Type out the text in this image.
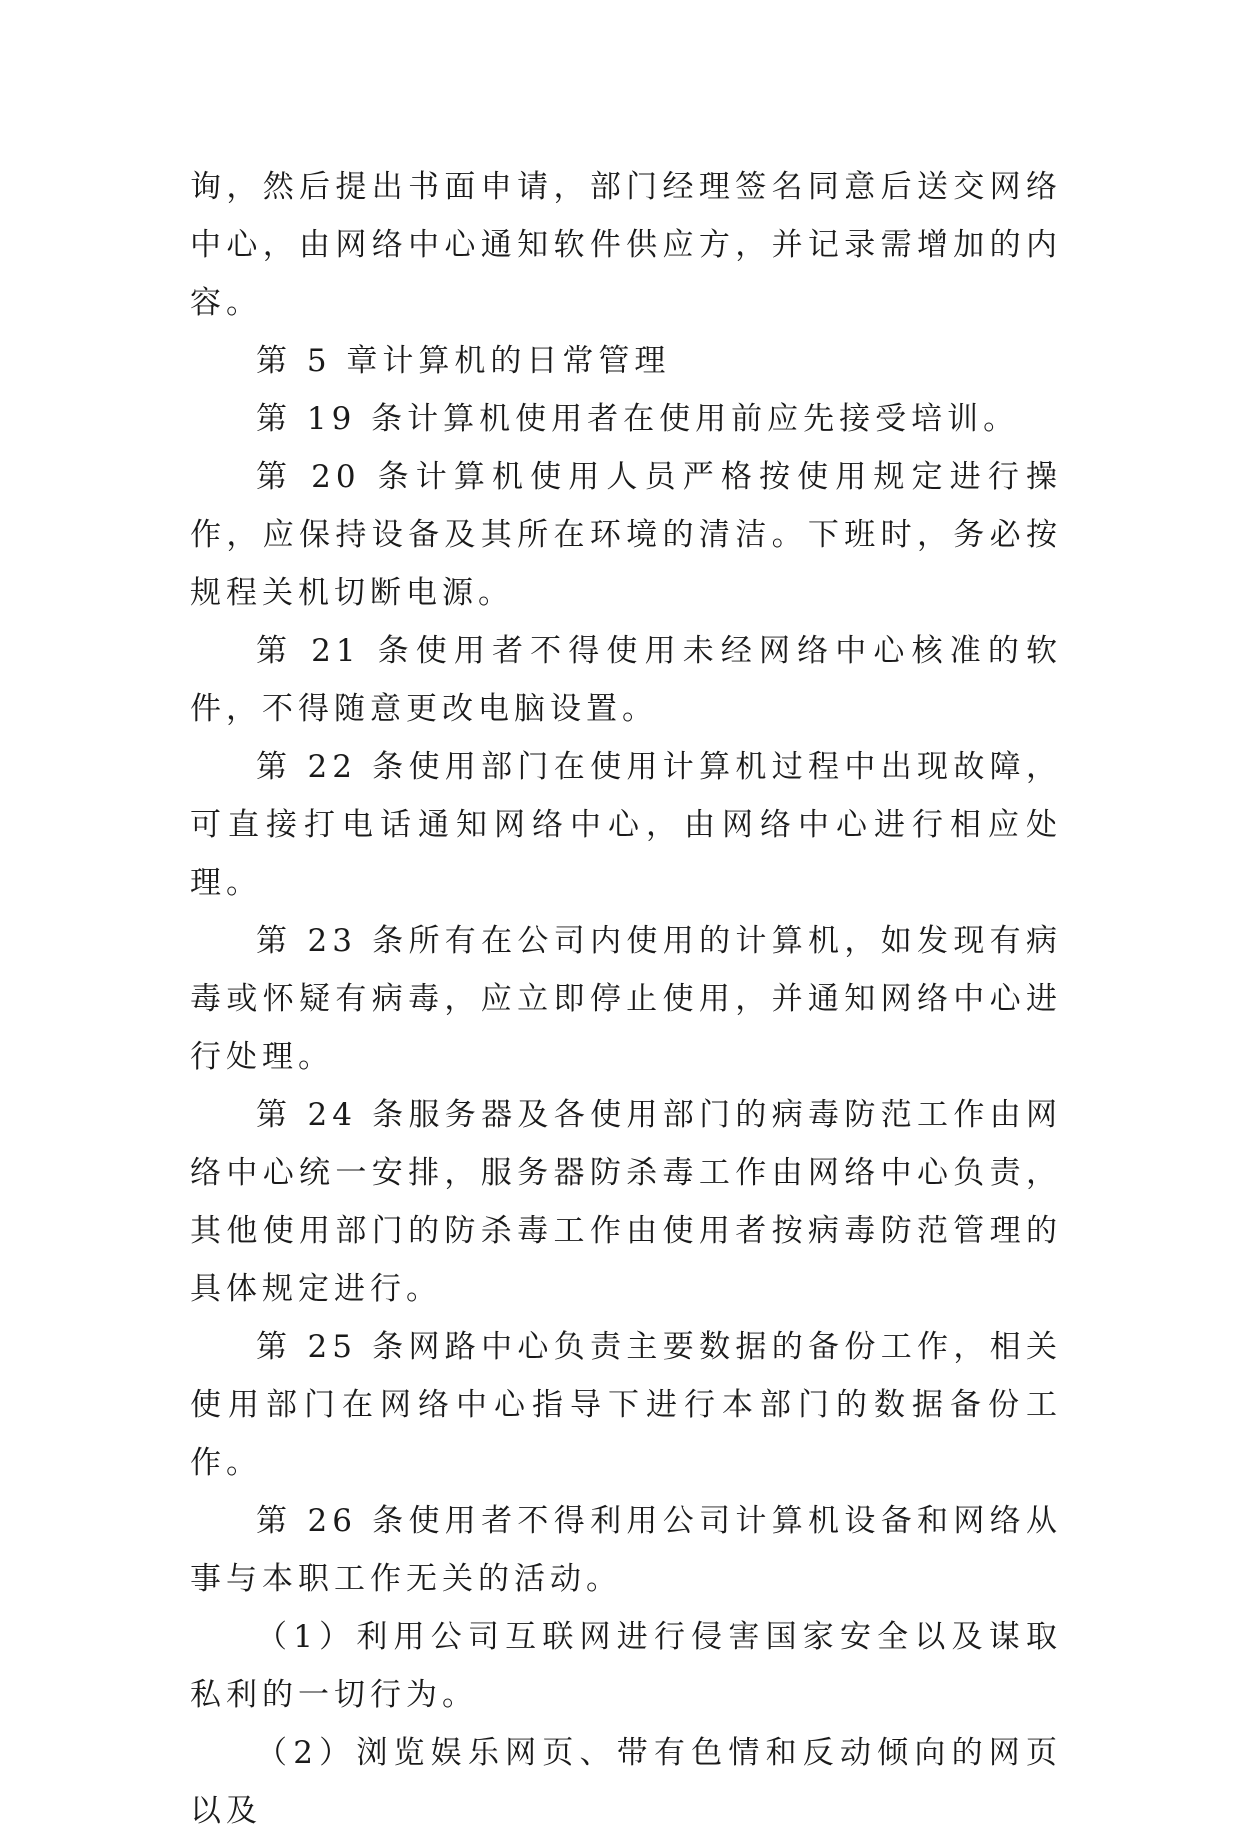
询，然后提出书面申请，部门经理签名同意后送交网络中心，由网络中心通知软件供应方，并记录需增加的内容。

第 5 章计算机的日常管理

第 19 条计算机使用者在使用前应先接受培训。

第 20 条计算机使用人员严格按使用规定进行操作，应保持设备及其所在环境的清洁。下班时，务必按规程关机切断电源。

第 21 条使用者不得使用未经网络中心核准的软件，不得随意更改电脑设置。

第 22 条使用部门在使用计算机过程中出现故障，可直接打电话通知网络中心，由网络中心进行相应处理。

第 23 条所有在公司内使用的计算机，如发现有病毒或怀疑有病毒，应立即停止使用，并通知网络中心进行处理。

第 24 条服务器及各使用部门的病毒防范工作由网络中心统一安排，服务器防杀毒工作由网络中心负责，其他使用部门的防杀毒工作由使用者按病毒防范管理的具体规定进行。

第 25 条网路中心负责主要数据的备份工作，相关使用部门在网络中心指导下进行本部门的数据备份工作。

第 26 条使用者不得利用公司计算机设备和网络从事与本职工作无关的活动。

（1）利用公司互联网进行侵害国家安全以及谋取私利的一切行为。

（2）浏览娱乐网页、带有色情和反动倾向的网页以及
